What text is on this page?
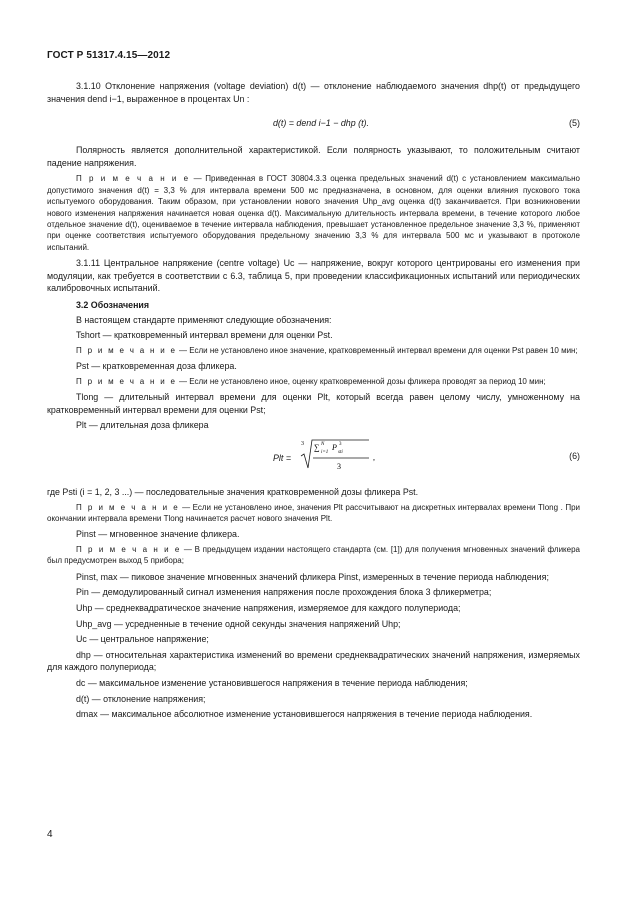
ГОСТ Р 51317.4.15—2012

3.1.10 Отклонение напряжения (voltage deviation) d(t) — отклонение наблюдаемого значения dhp(t) от предыдущего значения dend i−1, выраженное в процентах Un :

d(t) = dend i−1 − dhp (t).	(5)

Полярность является дополнительной характеристикой. Если полярность указывают, то положительным считают падение напряжения.

П р и м е ч а н и е — Приведенная в ГОСТ 30804.3.3 оценка предельных значений d(t) с установлением максимально допустимого значения d(t) = 3,3 % для интервала времени 500 мс предназначена, в основном, для оценки влияния пускового тока испытуемого оборудования. Таким образом, при установлении нового значения Uhp_avg оценка d(t) заканчивается. При возникновении нового изменения напряжения начинается новая оценка d(t). Максимальную длительность интервала времени, в течение которого любое отдельное значение d(t), оцениваемое в течение интервала наблюдения, превышает установленное предельное значение 3,3 %, применяют при оценке соответствия испытуемого оборудования предельному значению 3,3 % для интервала 500 мс и указывают в протоколе испытаний.

3.1.11 Центральное напряжение (centre voltage) Uc — напряжение, вокруг которого центрированы его изменения при модуляции, как требуется в соответствии с 6.3, таблица 5, при проведении классификационных испытаний или периодических калибровочных испытаний.

3.2 Обозначения

В настоящем стандарте применяют следующие обозначения:

Tshort — кратковременный интервал времени для оценки Pst.

П р и м е ч а н и е — Если не установлено иное значение, кратковременный интервал времени для оценки Pst равен 10 мин;

Pst — кратковременная доза фликера.

П р и м е ч а н и е — Если не установлено иное, оценку кратковременной дозы фликера проводят за период 10 мин;

Tlong — длительный интервал времени для оценки Plt, который всегда равен целому числу, умноженному на кратковременный интервал времени для оценки Pst;

Plt — длительная доза фликера

Plt =
3 ∑ N
i=1
P
sti
3
3
,	(6)

где Psti (i = 1, 2, 3 ...) — последовательные значения кратковременной дозы фликера Pst.

П р и м е ч а н и е — Если не установлено иное, значения Plt рассчитывают на дискретных интервалах времени Tlong . При окончании интервала времени Tlong начинается расчет нового значения Plt.

Pinst — мгновенное значение фликера.

П р и м е ч а н и е — В предыдущем издании настоящего стандарта (см. [1]) для получения мгновенных значений фликера был предусмотрен выход 5 прибора;

Pinst, max — пиковое значение мгновенных значений фликера Pinst, измеренных в течение периода наблюдения;

Pin — демодулированный сигнал изменения напряжения после прохождения блока 3 фликерметра;

Uhp — среднеквадратическое значение напряжения, измеряемое для каждого полупериода;

Uhp_avg — усредненные в течение одной секунды значения напряжений Uhp;

Uc — центральное напряжение;

dhp — относительная характеристика изменений во времени среднеквадратических значений напряжения, измеряемых для каждого полупериода;

dc — максимальное изменение установившегося напряжения в течение периода наблюдения;

d(t) — отклонение напряжения;

dmax — максимальное абсолютное изменение установившегося напряжения в течение периода наблюдения.

4
